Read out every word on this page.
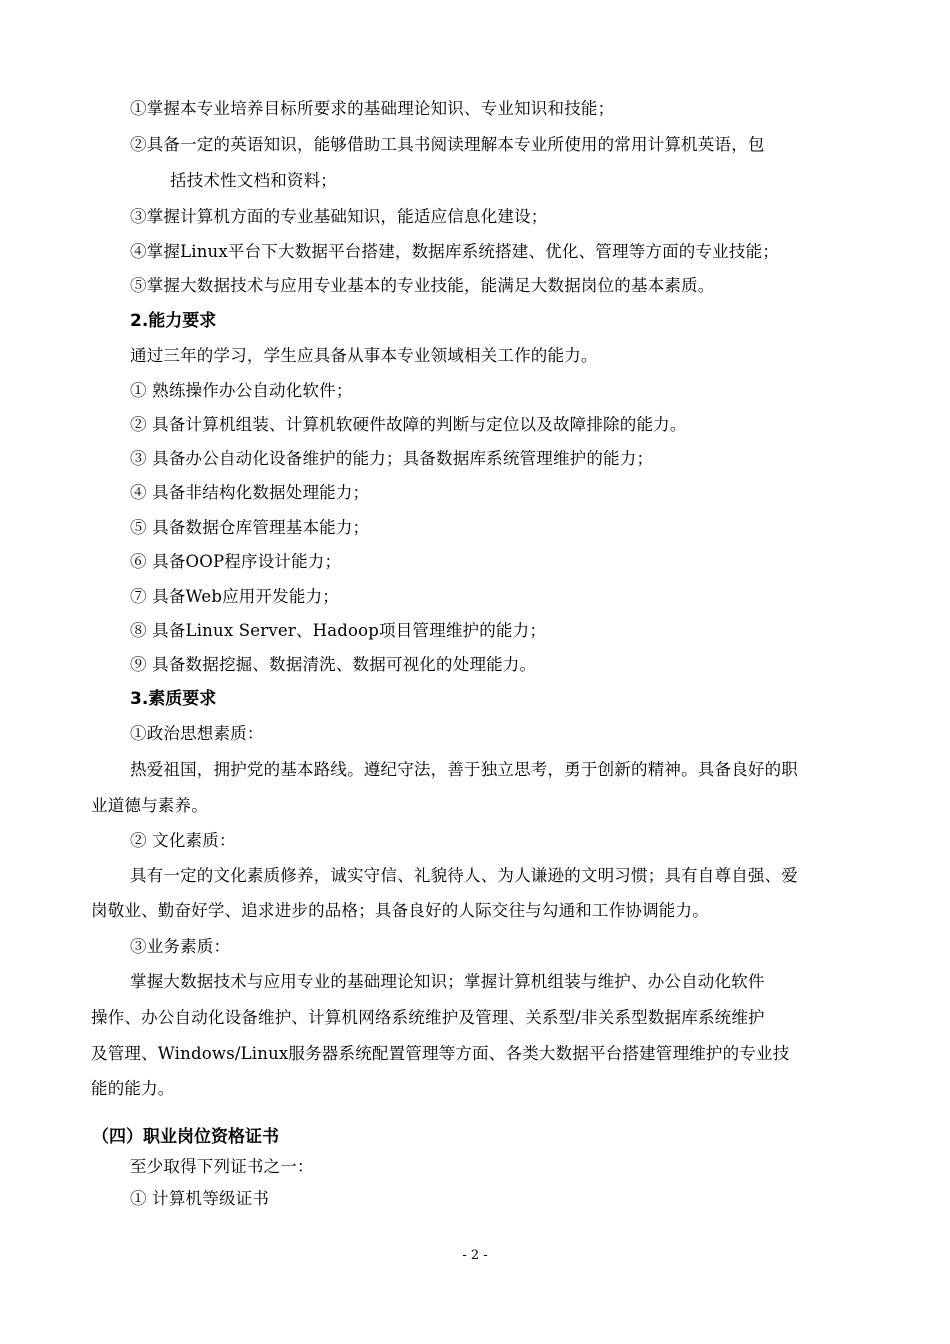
①掌握本专业培养目标所要求的基础理论知识、专业知识和技能；
②具备一定的英语知识，能够借助工具书阅读理解本专业所使用的常用计算机英语，包
括技术性文档和资料；
③掌握计算机方面的专业基础知识，能适应信息化建设；
④掌握Linux平台下大数据平台搭建，数据库系统搭建、优化、管理等方面的专业技能；
⑤掌握大数据技术与应用专业基本的专业技能，能满足大数据岗位的基本素质。
2.能力要求
通过三年的学习，学生应具备从事本专业领域相关工作的能力。
① 熟练操作办公自动化软件；
② 具备计算机组装、计算机软硬件故障的判断与定位以及故障排除的能力。
③ 具备办公自动化设备维护的能力；具备数据库系统管理维护的能力；
④ 具备非结构化数据处理能力；
⑤ 具备数据仓库管理基本能力；
⑥ 具备OOP程序设计能力；
⑦ 具备Web应用开发能力；
⑧ 具备Linux Server、Hadoop项目管理维护的能力；
⑨ 具备数据挖掘、数据清洗、数据可视化的处理能力。
3.素质要求
①政治思想素质：
热爱祖国，拥护党的基本路线。遵纪守法，善于独立思考，勇于创新的精神。具备良好的职
业道德与素养。
② 文化素质：
具有一定的文化素质修养，诚实守信、礼貌待人、为人谦逊的文明习惯；具有自尊自强、爱
岗敬业、勤奋好学、追求进步的品格；具备良好的人际交往与勾通和工作协调能力。
③业务素质：
掌握大数据技术与应用专业的基础理论知识；掌握计算机组装与维护、办公自动化软件
操作、办公自动化设备维护、计算机网络系统维护及管理、关系型/非关系型数据库系统维护
及管理、Windows/Linux服务器系统配置管理等方面、各类大数据平台搭建管理维护的专业技
能的能力。
（四）职业岗位资格证书
至少取得下列证书之一：
① 计算机等级证书
- 2 -
